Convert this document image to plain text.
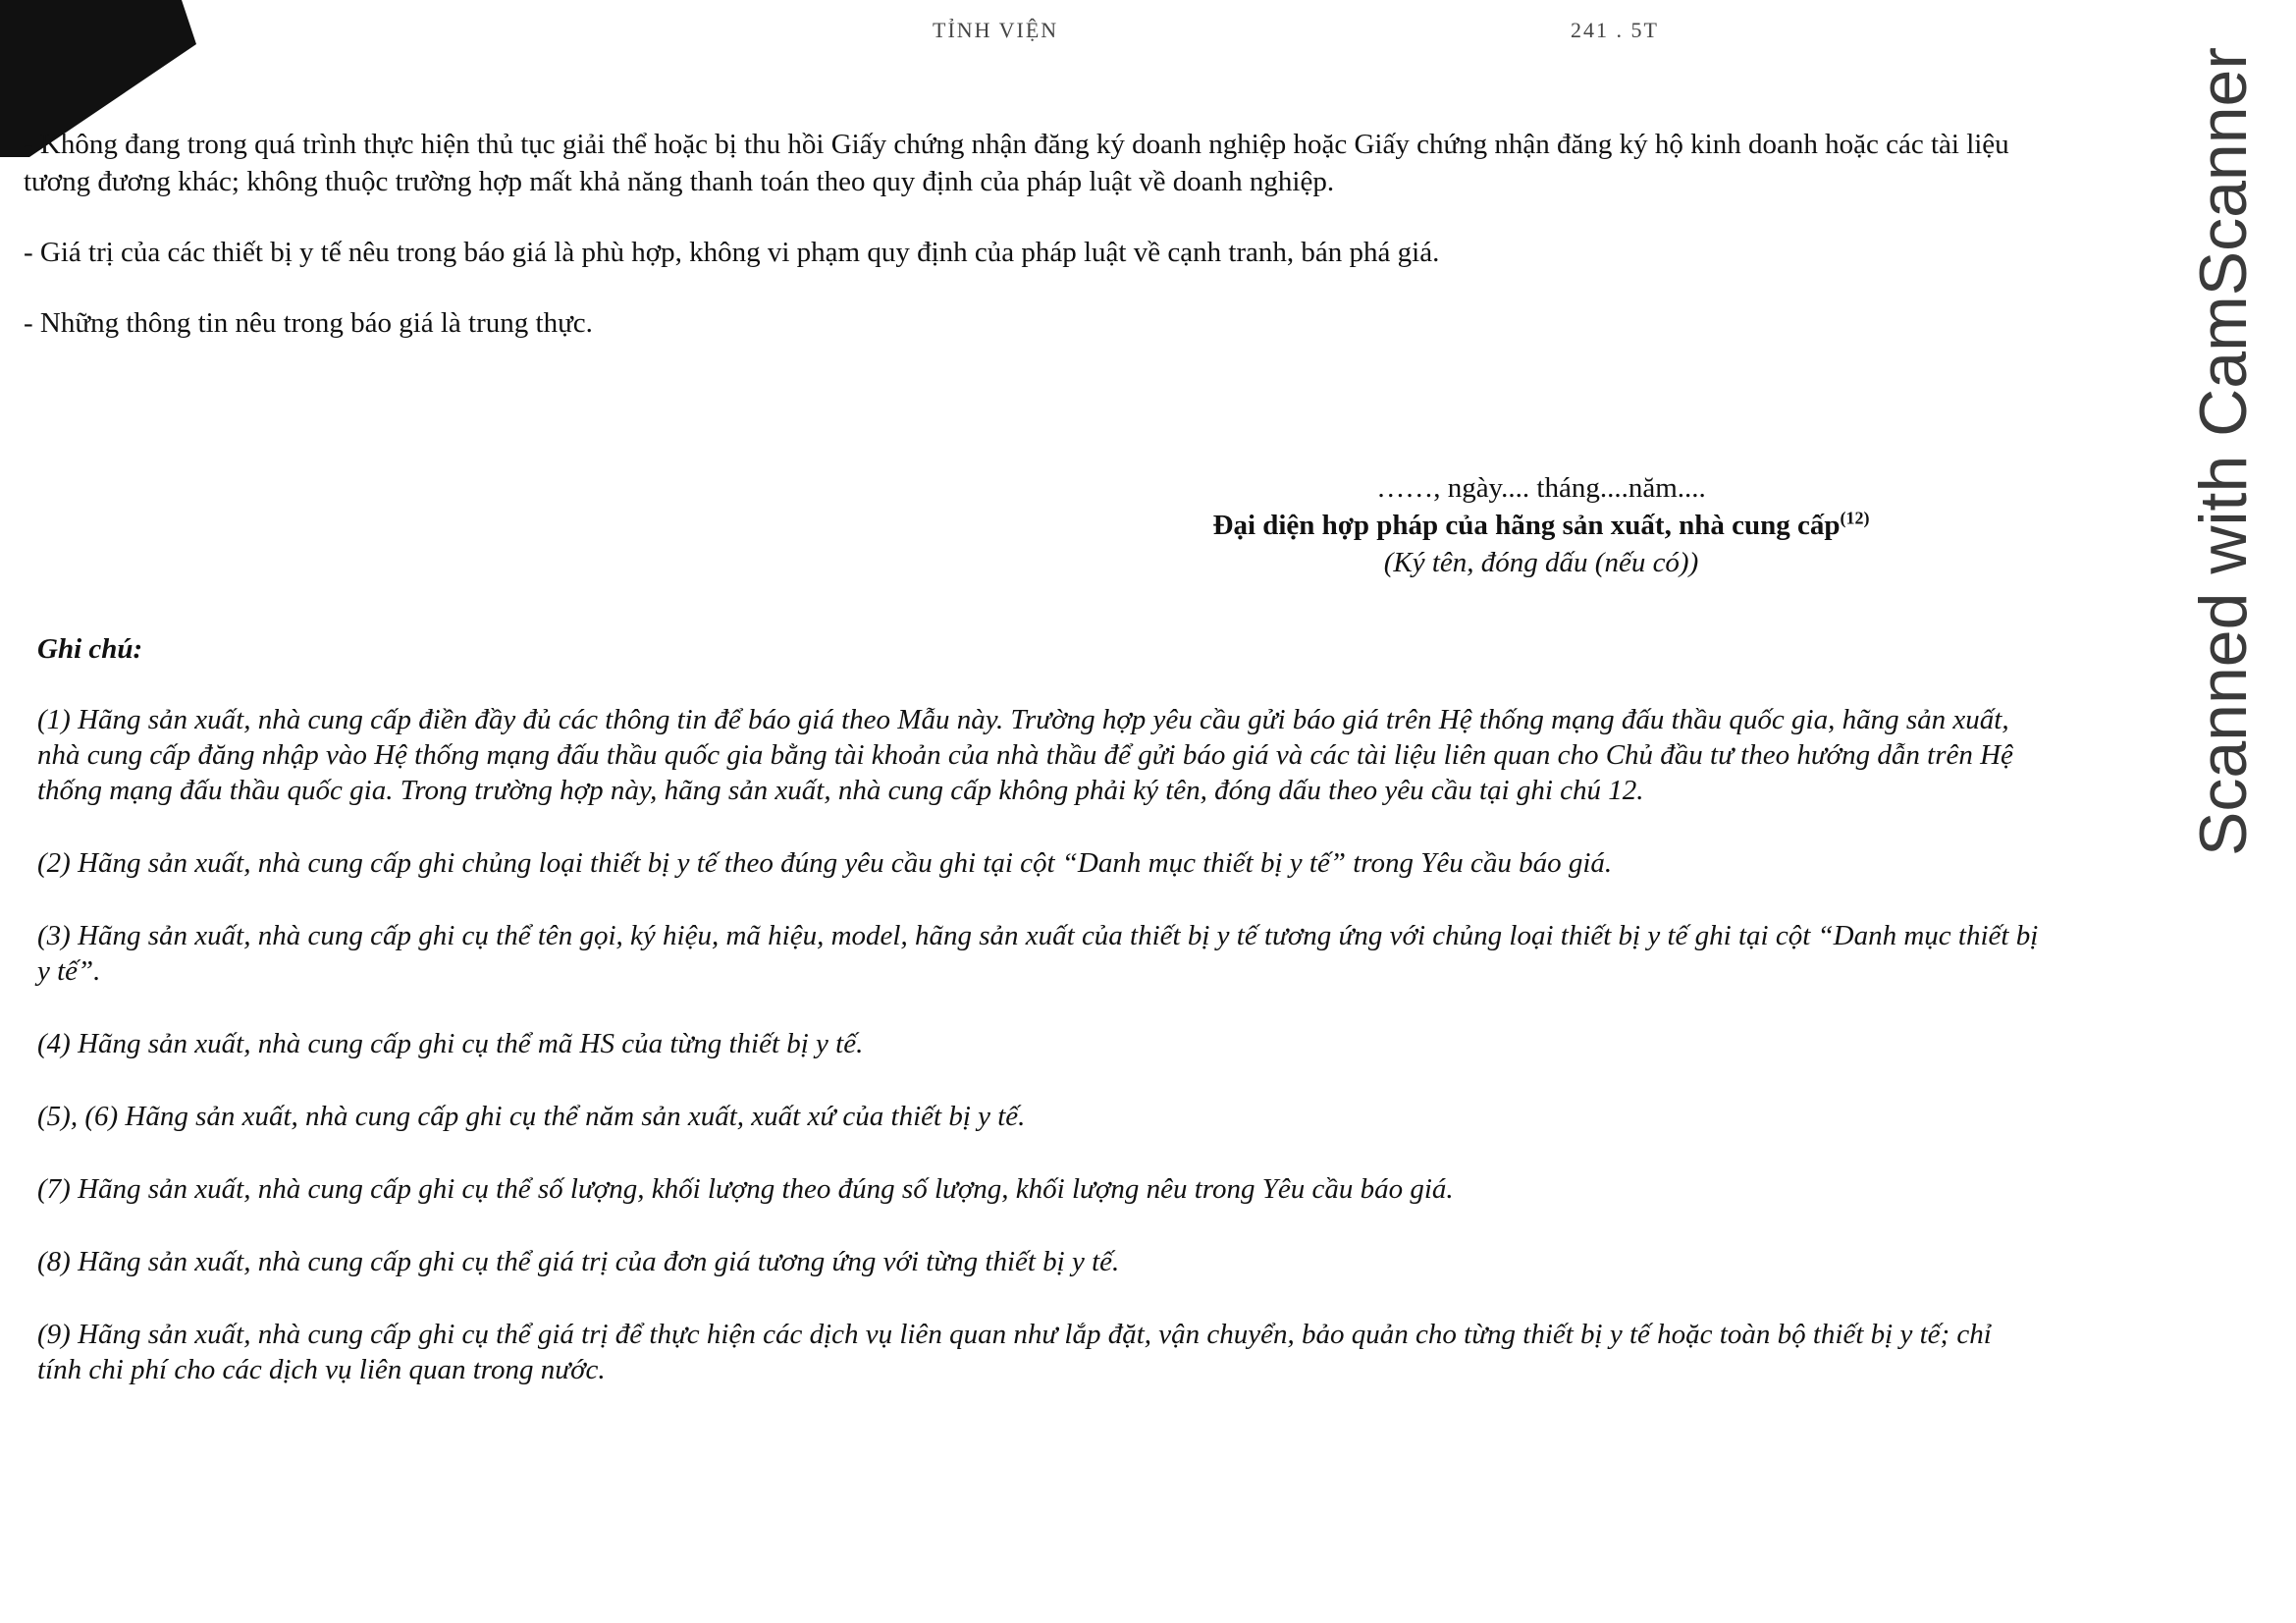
TỈNH VIỆN	241 . 5T

- Không đang trong quá trình thực hiện thủ tục giải thể hoặc bị thu hồi Giấy chứng nhận đăng ký doanh nghiệp hoặc Giấy chứng nhận đăng ký hộ kinh doanh hoặc các tài liệu tương đương khác; không thuộc trường hợp mất khả năng thanh toán theo quy định của pháp luật về doanh nghiệp.

- Giá trị của các thiết bị y tế nêu trong báo giá là phù hợp, không vi phạm quy định của pháp luật về cạnh tranh, bán phá giá.

- Những thông tin nêu trong báo giá là trung thực.

……, ngày.... tháng....năm....
Đại diện hợp pháp của hãng sản xuất, nhà cung cấp$^{(12)}$
(Ký tên, đóng dấu (nếu có))
Ghi chú:

(1) Hãng sản xuất, nhà cung cấp điền đầy đủ các thông tin để báo giá theo Mẫu này. Trường hợp yêu cầu gửi báo giá trên Hệ thống mạng đấu thầu quốc gia, hãng sản xuất, nhà cung cấp đăng nhập vào Hệ thống mạng đấu thầu quốc gia bằng tài khoản của nhà thầu để gửi báo giá và các tài liệu liên quan cho Chủ đầu tư theo hướng dẫn trên Hệ thống mạng đấu thầu quốc gia. Trong trường hợp này, hãng sản xuất, nhà cung cấp không phải ký tên, đóng dấu theo yêu cầu tại ghi chú 12.

(2) Hãng sản xuất, nhà cung cấp ghi chủng loại thiết bị y tế theo đúng yêu cầu ghi tại cột “Danh mục thiết bị y tế” trong Yêu cầu báo giá.

(3) Hãng sản xuất, nhà cung cấp ghi cụ thể tên gọi, ký hiệu, mã hiệu, model, hãng sản xuất của thiết bị y tế tương ứng với chủng loại thiết bị y tế ghi tại cột “Danh mục thiết bị y tế”.

(4) Hãng sản xuất, nhà cung cấp ghi cụ thể mã HS của từng thiết bị y tế.

(5), (6) Hãng sản xuất, nhà cung cấp ghi cụ thể năm sản xuất, xuất xứ của thiết bị y tế.

(7) Hãng sản xuất, nhà cung cấp ghi cụ thể số lượng, khối lượng theo đúng số lượng, khối lượng nêu trong Yêu cầu báo giá.

(8) Hãng sản xuất, nhà cung cấp ghi cụ thể giá trị của đơn giá tương ứng với từng thiết bị y tế.

(9) Hãng sản xuất, nhà cung cấp ghi cụ thể giá trị để thực hiện các dịch vụ liên quan như lắp đặt, vận chuyển, bảo quản cho từng thiết bị y tế hoặc toàn bộ thiết bị y tế; chỉ tính chi phí cho các dịch vụ liên quan trong nước.

Scanned with CamScanner
